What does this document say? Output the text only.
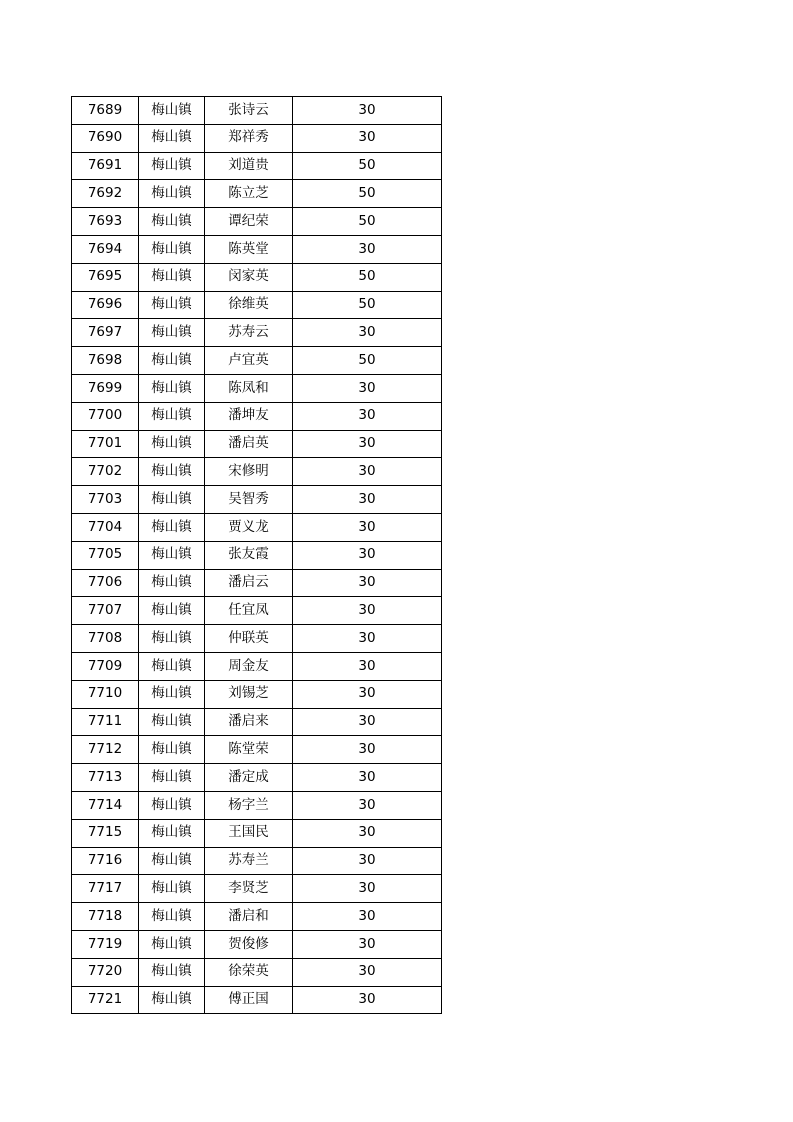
7689	梅山镇	张诗云	30
7690	梅山镇	郑祥秀	30
7691	梅山镇	刘道贵	50
7692	梅山镇	陈立芝	50
7693	梅山镇	谭纪荣	50
7694	梅山镇	陈英堂	30
7695	梅山镇	闵家英	50
7696	梅山镇	徐维英	50
7697	梅山镇	苏寿云	30
7698	梅山镇	卢宜英	50
7699	梅山镇	陈凤和	30
7700	梅山镇	潘坤友	30
7701	梅山镇	潘启英	30
7702	梅山镇	宋修明	30
7703	梅山镇	吴智秀	30
7704	梅山镇	贾义龙	30
7705	梅山镇	张友霞	30
7706	梅山镇	潘启云	30
7707	梅山镇	任宜凤	30
7708	梅山镇	仲联英	30
7709	梅山镇	周金友	30
7710	梅山镇	刘锡芝	30
7711	梅山镇	潘启来	30
7712	梅山镇	陈堂荣	30
7713	梅山镇	潘定成	30
7714	梅山镇	杨字兰	30
7715	梅山镇	王国民	30
7716	梅山镇	苏寿兰	30
7717	梅山镇	李贤芝	30
7718	梅山镇	潘启和	30
7719	梅山镇	贺俊修	30
7720	梅山镇	徐荣英	30
7721	梅山镇	傅正国	30
